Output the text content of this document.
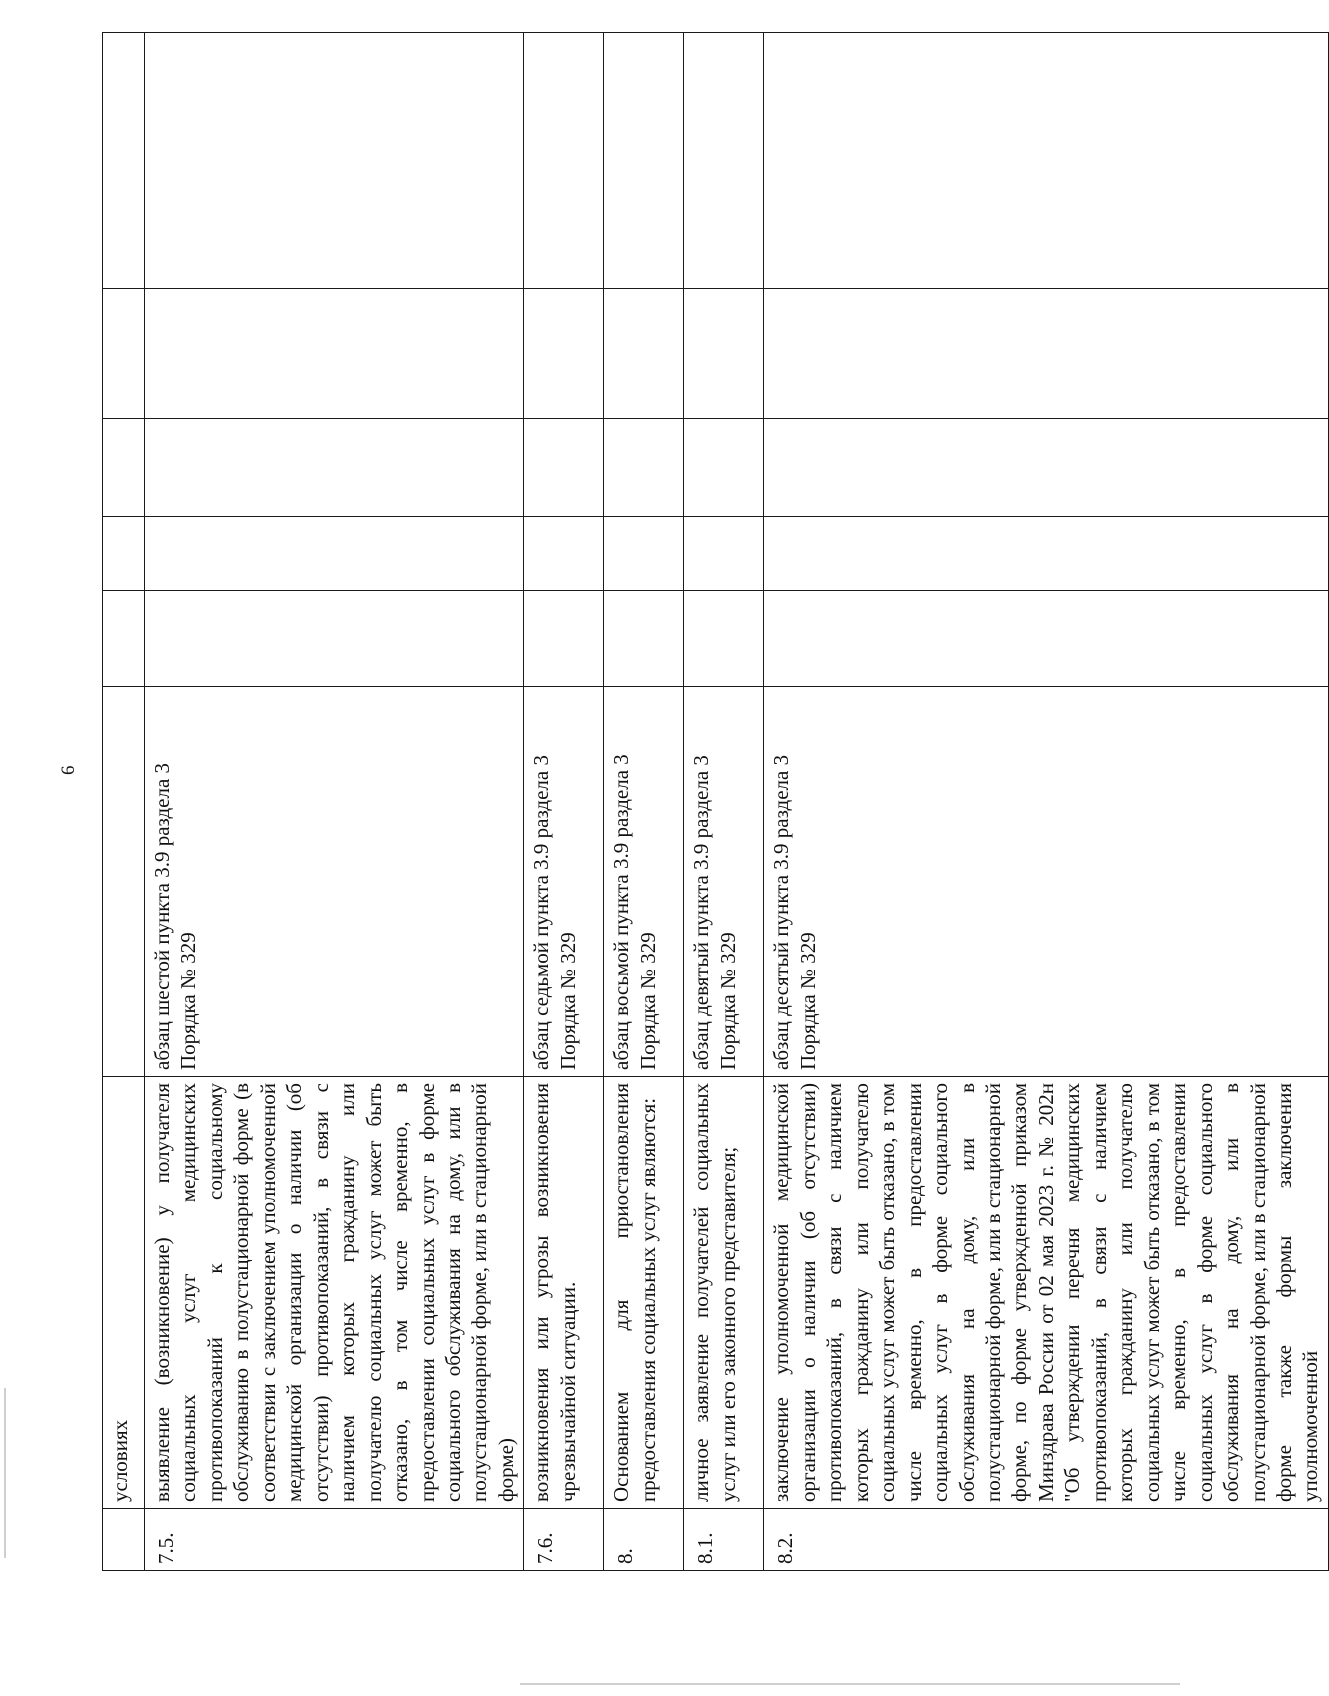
6
	условиях						
7.5.	выявление (возникновение) у получателя социальных услуг медицинских противопоказаний к социальному обслуживанию в полустационарной форме (в соответствии с заключением уполномоченной медицинской организации о наличии (об отсутствии) противопоказаний, в связи с наличием которых гражданину или получателю социальных услуг может быть отказано, в том числе временно, в предоставлении социальных услуг в форме социального обслуживания на дому, или в полустационарной форме, или в стационарной форме)	абзац шестой пункта 3.9 раздела 3 Порядка № 329					
7.6.	возникновения или угрозы возникновения чрезвычайной ситуации.	абзац седьмой пункта 3.9 раздела 3 Порядка № 329					
8.	Основанием для приостановления предоставления социальных услуг являются:	абзац восьмой пункта 3.9 раздела 3 Порядка № 329					
8.1.	личное заявление получателей социальных услуг или его законного представителя;	абзац девятый пункта 3.9 раздела 3 Порядка № 329					
8.2.	заключение уполномоченной медицинской организации о наличии (об отсутствии) противопоказаний, в связи с наличием которых гражданину или получателю социальных услуг может быть отказано, в том числе временно, в предоставлении социальных услуг в форме социального обслуживания на дому, или в полустационарной форме, или в стационарной форме, по форме утвержденной приказом Минздрава России от 02 мая 2023 г. № 202н "Об утверждении перечня медицинских противопоказаний, в связи с наличием которых гражданину или получателю социальных услуг может быть отказано, в том числе временно, в предоставлении социальных услуг в форме социального обслуживания на дому, или в полустационарной форме, или в стационарной форме также формы заключения уполномоченной	абзац десятый пункта 3.9 раздела 3 Порядка № 329					
